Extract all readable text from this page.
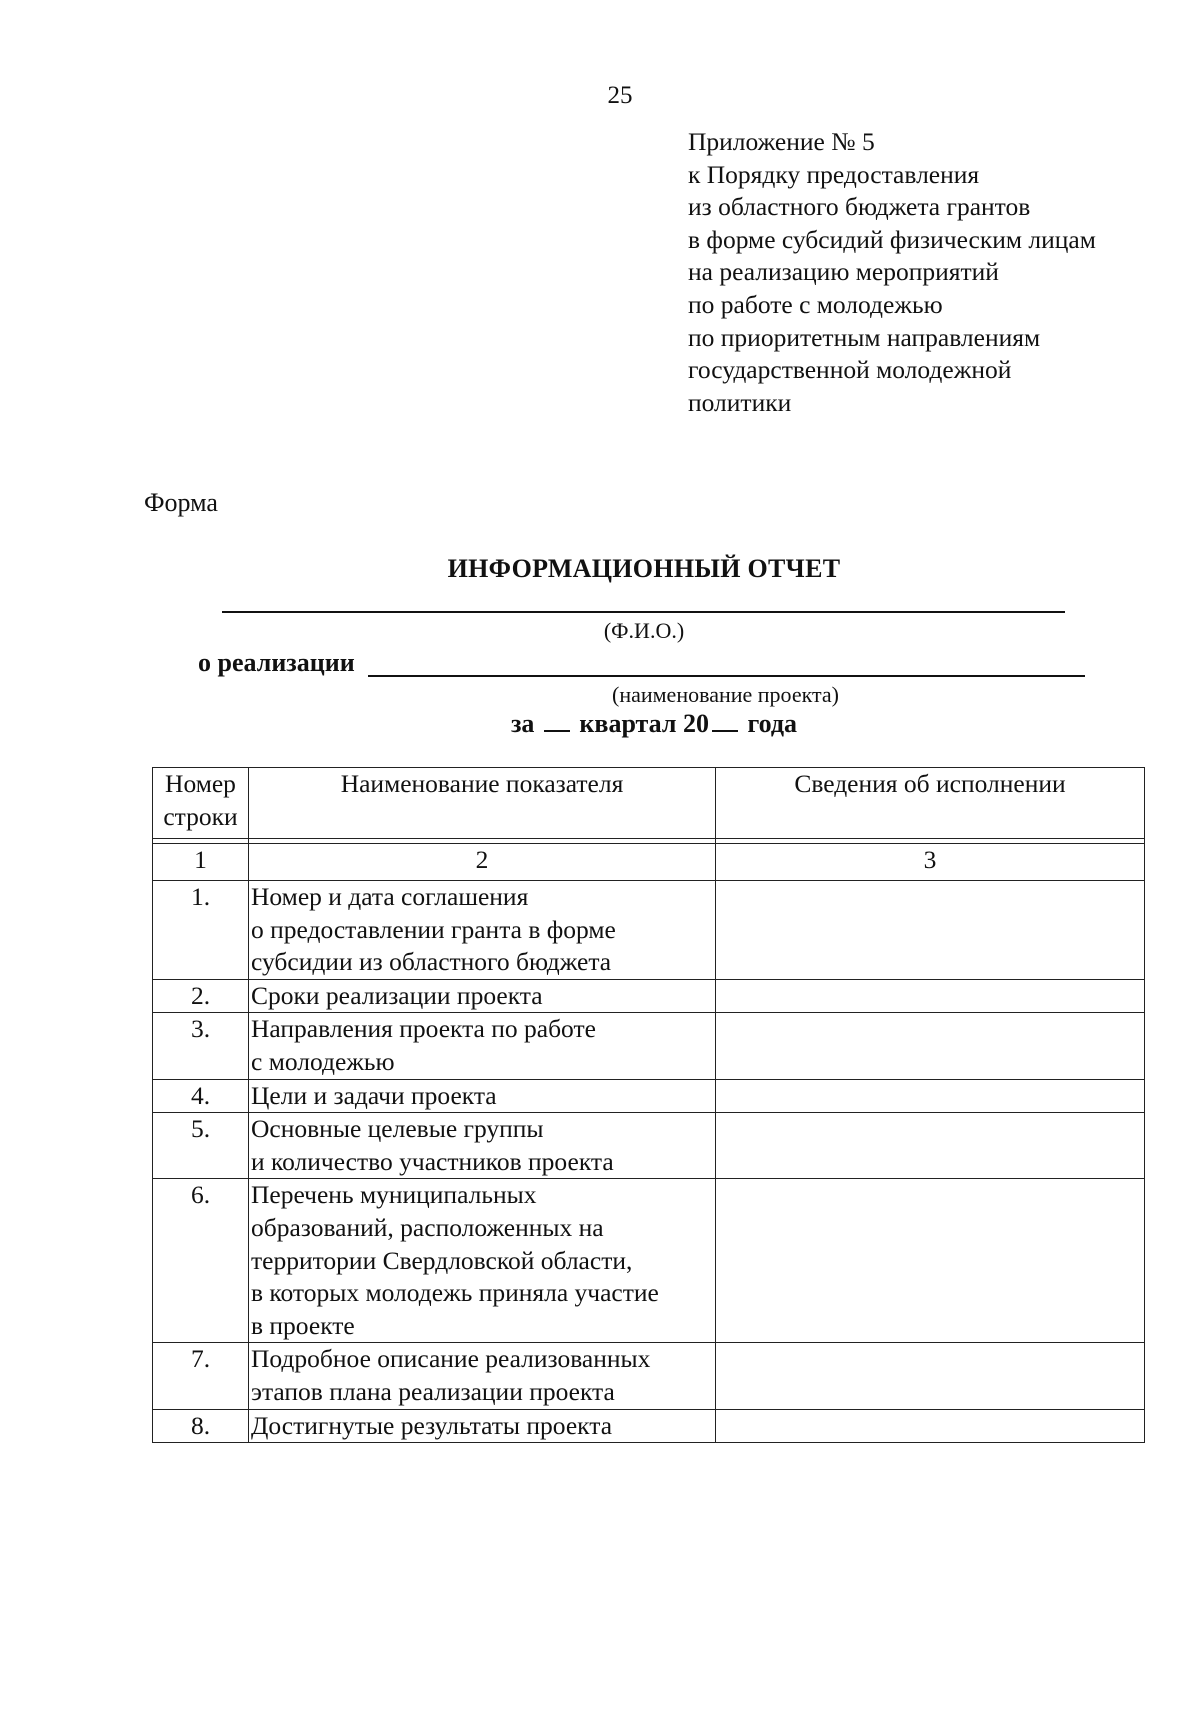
25
Приложение № 5
к Порядку предоставления
из областного бюджета грантов
в форме субсидий физическим лицам
на реализацию мероприятий
по работе с молодежью
по приоритетным направлениям
государственной молодежной
политики
Форма
ИНФОРМАЦИОННЫЙ ОТЧЕТ
(Ф.И.О.)
о реализации
(наименование проекта)
за квартал 20 года
Номер
строки	Наименование показателя	Сведения об исполнении

1	2	3
1.	Номер и дата соглашения
о предоставлении гранта в форме
субсидии из областного бюджета	

2.	Сроки реализации проекта	

3.	Направления проекта по работе
с молодежью	

4.	Цели и задачи проекта	

5.	Основные целевые группы
и количество участников проекта	

6.	Перечень муниципальных
образований, расположенных на
территории Свердловской области,
в которых молодежь приняла участие
в проекте	

7.	Подробное описание реализованных
этапов плана реализации проекта	

8.	Достигнутые результаты проекта	
